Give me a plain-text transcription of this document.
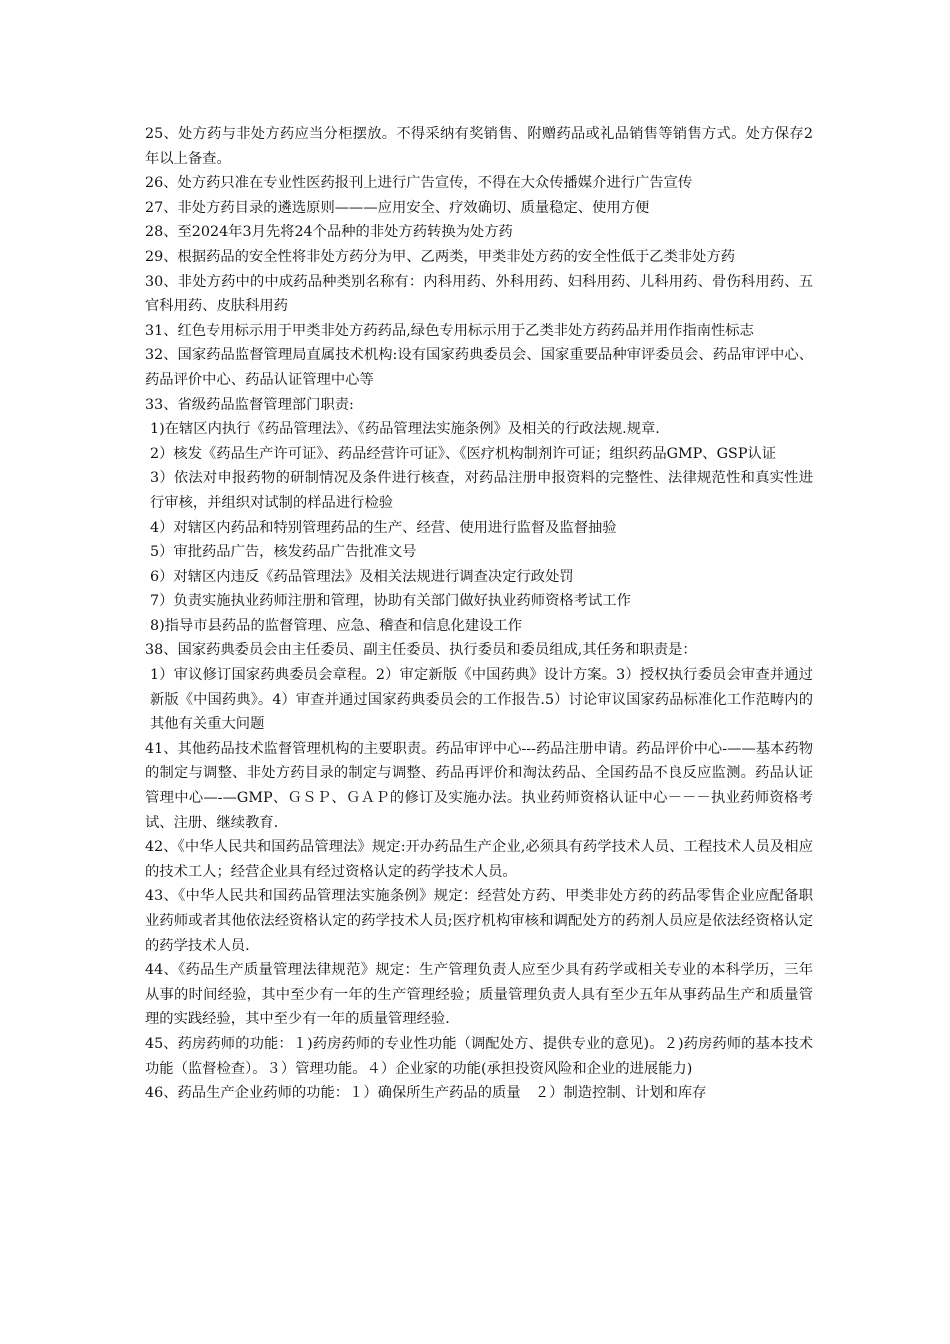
25、处方药与非处方药应当分柜摆放。不得采纳有奖销售、附赠药品或礼品销售等销售方式。处方保存2年以上备查。

26、处方药只准在专业性医药报刊上进行广告宣传，不得在大众传播媒介进行广告宣传

27、非处方药目录的遴选原则———应用安全、疗效确切、质量稳定、使用方便

28、至2024年3月先将24个品种的非处方药转换为处方药

29、根据药品的安全性将非处方药分为甲、乙两类，甲类非处方药的安全性低于乙类非处方药

30、非处方药中的中成药品种类别名称有：内科用药、外科用药、妇科用药、儿科用药、骨伤科用药、五官科用药、皮肤科用药

31、红色专用标示用于甲类非处方药药品,绿色专用标示用于乙类非处方药药品并用作指南性标志

32、国家药品监督管理局直属技术机构:设有国家药典委员会、国家重要品种审评委员会、药品审评中心、药品评价中心、药品认证管理中心等

33、省级药品监督管理部门职责:

1)在辖区内执行《药品管理法》、《药品管理法实施条例》及相关的行政法规.规章.

2）核发《药品生产许可证》、药品经营许可证》、《医疗机构制剂许可证；组织药品GMP、GSP认证

3）依法对申报药物的研制情况及条件进行核查，对药品注册申报资料的完整性、法律规范性和真实性进行审核，并组织对试制的样品进行检验

4）对辖区内药品和特别管理药品的生产、经营、使用进行监督及监督抽验

5）审批药品广告，核发药品广告批准文号

6）对辖区内违反《药品管理法》及相关法规进行调查决定行政处罚

7）负责实施执业药师注册和管理，协助有关部门做好执业药师资格考试工作

8)指导市县药品的监督管理、应急、稽查和信息化建设工作

38、国家药典委员会由主任委员、副主任委员、执行委员和委员组成,其任务和职责是：

1）审议修订国家药典委员会章程。2）审定新版《中国药典》设计方案。3）授权执行委员会审查并通过新版《中国药典》。4）审查并通过国家药典委员会的工作报告.5）讨论审议国家药品标准化工作范畴内的其他有关重大问题

41、其他药品技术监督管理机构的主要职责。药品审评中心---药品注册申请。药品评价中心-——基本药物的制定与调整、非处方药目录的制定与调整、药品再评价和淘汰药品、全国药品不良反应监测。药品认证管理中心—-—GMP、ＧＳＰ、ＧＡＰ的修订及实施办法。执业药师资格认证中心－－－执业药师资格考试、注册、继续教育.

42、《中华人民共和国药品管理法》规定:开办药品生产企业,必须具有药学技术人员、工程技术人员及相应的技术工人；经营企业具有经过资格认定的药学技术人员。

43、《中华人民共和国药品管理法实施条例》规定：经营处方药、甲类非处方药的药品零售企业应配备职业药师或者其他依法经资格认定的药学技术人员;医疗机构审核和调配处方的药剂人员应是依法经资格认定的药学技术人员.

44、《药品生产质量管理法律规范》规定：生产管理负责人应至少具有药学或相关专业的本科学历，三年从事的时间经验，其中至少有一年的生产管理经验；质量管理负责人具有至少五年从事药品生产和质量管理的实践经验，其中至少有一年的质量管理经验.

45、药房药师的功能：１)药房药师的专业性功能（调配处方、提供专业的意见)。２)药房药师的基本技术功能（监督检查）。３）管理功能。４）企业家的功能(承担投资风险和企业的进展能力)

46、药品生产企业药师的功能：１）确保所生产药品的质量　２）制造控制、计划和库存
